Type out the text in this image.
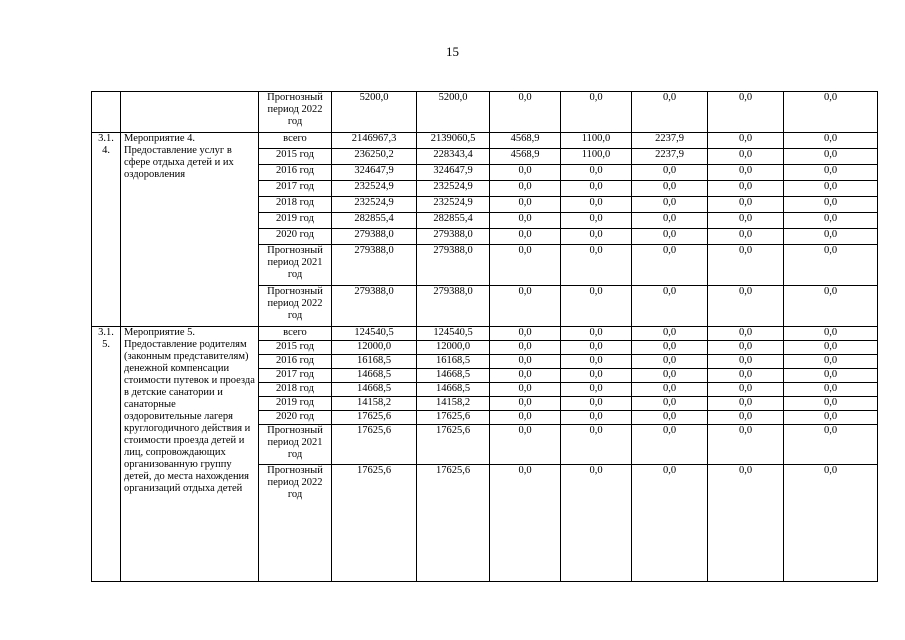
15
		Прогнозный период 2022 год	5200,0	5200,0	0,0	0,0	0,0	0,0	0,0
3.1. 4.	Мероприятие 4. Предоставление услуг в сфере отдыха детей и их оздоровления	всего	2146967,3	2139060,5	4568,9	1100,0	2237,9	0,0	0,0
		2015 год	236250,2	228343,4	4568,9	1100,0	2237,9	0,0	0,0
		2016 год	324647,9	324647,9	0,0	0,0	0,0	0,0	0,0
		2017 год	232524,9	232524,9	0,0	0,0	0,0	0,0	0,0
		2018 год	232524,9	232524,9	0,0	0,0	0,0	0,0	0,0
		2019 год	282855,4	282855,4	0,0	0,0	0,0	0,0	0,0
		2020 год	279388,0	279388,0	0,0	0,0	0,0	0,0	0,0
		Прогнозный период 2021 год	279388,0	279388,0	0,0	0,0	0,0	0,0	0,0
		Прогнозный период 2022 год	279388,0	279388,0	0,0	0,0	0,0	0,0	0,0
3.1. 5.	Мероприятие 5. Предоставление родителям (законным представителям) денежной компенсации стоимости путевок и проезда в детские санатории и санаторные оздоровительные лагеря круглогодичного действия и стоимости проезда детей и лиц, сопровождающих организованную группу детей, до места нахождения организаций отдыха детей	всего	124540,5	124540,5	0,0	0,0	0,0	0,0	0,0
		2015 год	12000,0	12000,0	0,0	0,0	0,0	0,0	0,0
		2016 год	16168,5	16168,5	0,0	0,0	0,0	0,0	0,0
		2017 год	14668,5	14668,5	0,0	0,0	0,0	0,0	0,0
		2018 год	14668,5	14668,5	0,0	0,0	0,0	0,0	0,0
		2019 год	14158,2	14158,2	0,0	0,0	0,0	0,0	0,0
		2020 год	17625,6	17625,6	0,0	0,0	0,0	0,0	0,0
		Прогнозный период 2021 год	17625,6	17625,6	0,0	0,0	0,0	0,0	0,0
		Прогнозный период 2022 год	17625,6	17625,6	0,0	0,0	0,0	0,0	0,0
